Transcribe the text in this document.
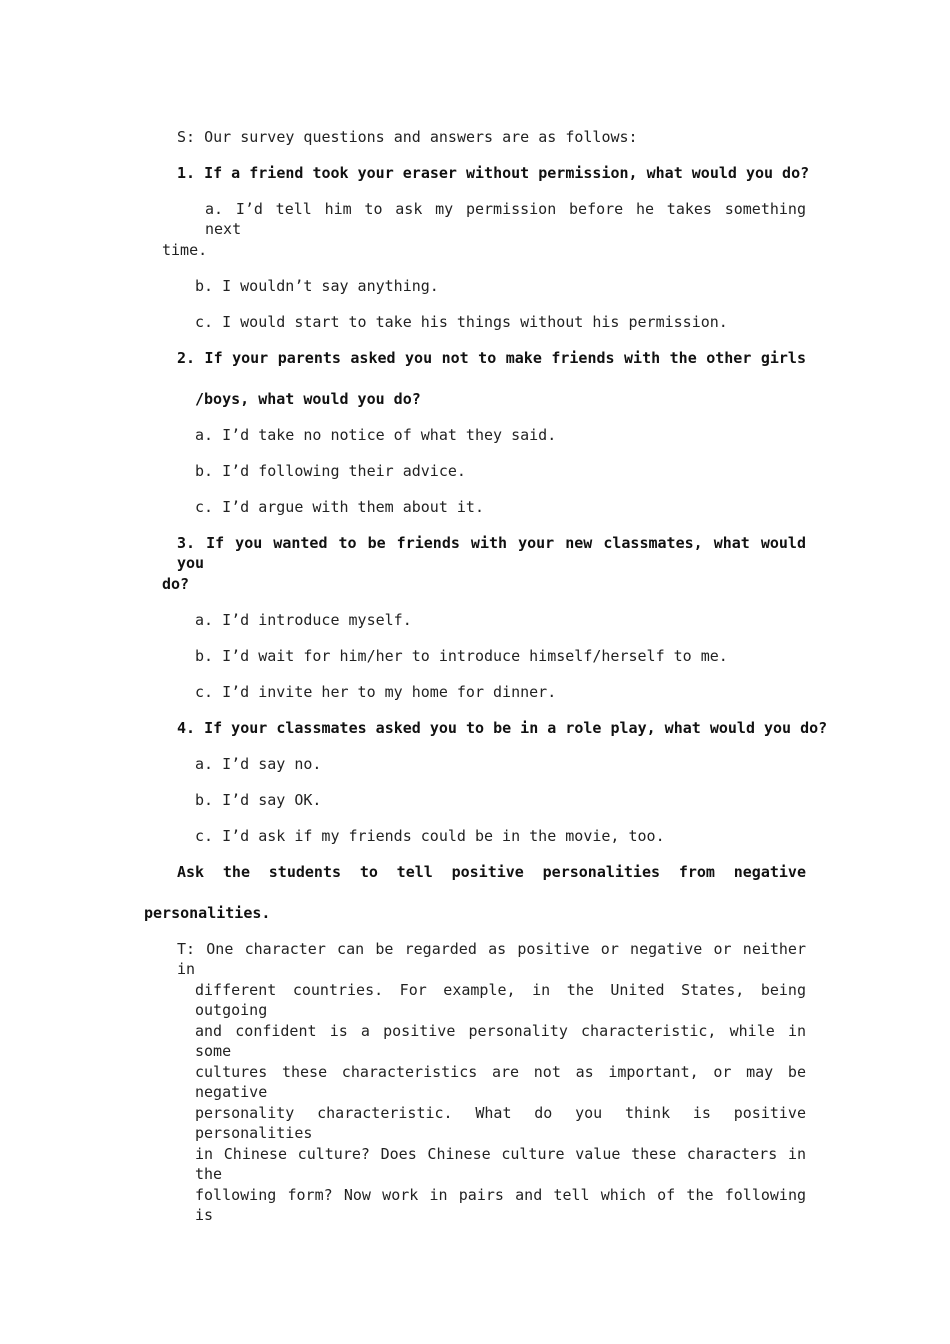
S: Our survey questions and answers are as follows:
1. If a friend took your eraser without permission, what would you do?
a. I’d tell him to ask my permission before he takes something next
time.
b. I wouldn’t say anything.
c. I would start to take his things without his permission.
2. If your parents asked you not to make friends with the other girls
/boys, what would you do?
a. I’d take no notice of what they said.
b. I’d following their advice.
c. I’d argue with them about it.
3. If you wanted to be friends with your new classmates, what would you
do?
a. I’d introduce myself.
b. I’d wait for him/her to introduce himself/herself to me.
c. I’d invite her to my home for dinner.
4. If your classmates asked you to be in a role play, what would you do?
a. I’d say no.
b. I’d say OK.
c. I’d ask if my friends could be in the movie, too.
Ask the students to tell positive personalities from negative
personalities.
T: One character can be regarded as positive or negative or neither in
different countries. For example, in the United States, being outgoing
and confident is a positive personality characteristic, while in some
cultures these characteristics are not as important, or may be negative
personality characteristic. What do you think is positive personalities
in Chinese culture? Does Chinese culture value these characters in the
following form? Now work in pairs and tell which of the following is
